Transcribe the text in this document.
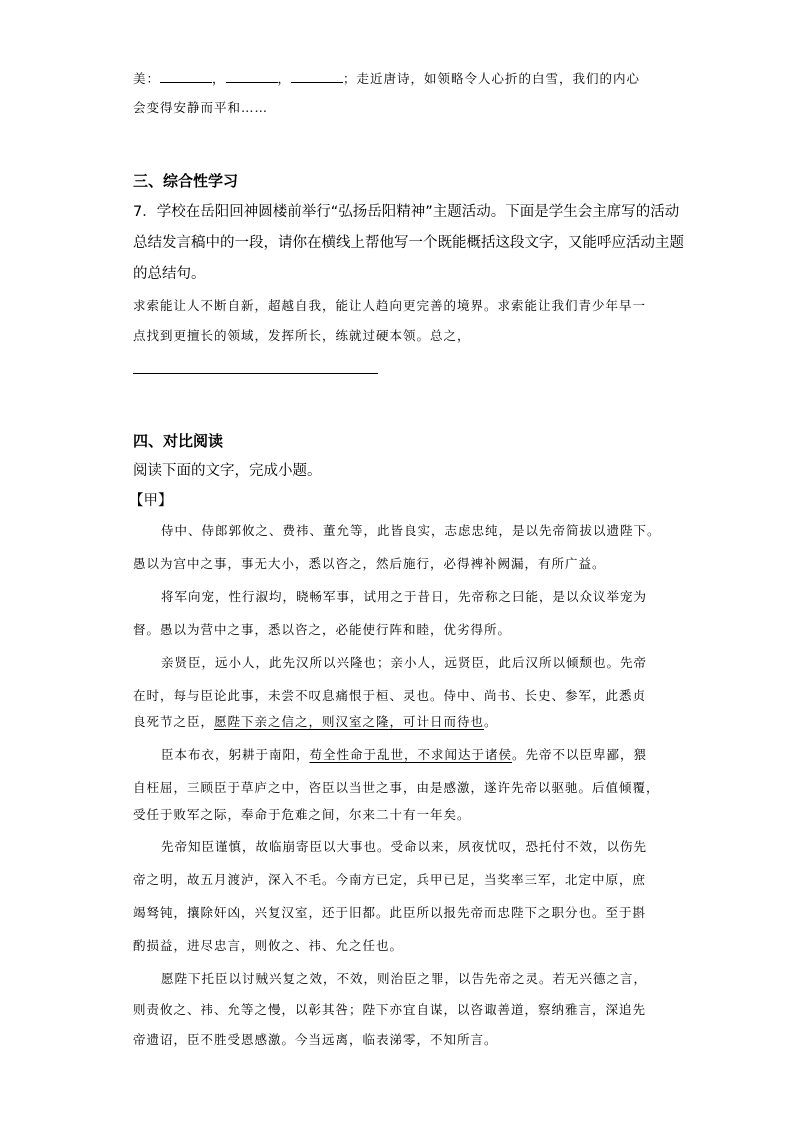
美：	，	，	；走近唐诗，如领略令人心折的白雪，我们的内心
会变得安静而平和……
三、综合性学习
7．学校在岳阳回神圆楼前举行“弘扬岳阳精神”主题活动。下面是学生会主席写的活动
总结发言稿中的一段，请你在横线上帮他写一个既能概括这段文字，又能呼应活动主题
的总结句。
求索能让人不断自新，超越自我，能让人趋向更完善的境界。求索能让我们青少年早一
点找到更擅长的领域，发挥所长，练就过硬本领。总之，
四、对比阅读
阅读下面的文字，完成小题。
【甲】
侍中、侍郎郭攸之、费祎、董允等，此皆良实，志虑忠纯，是以先帝简拔以遗陛下。
愚以为宫中之事，事无大小，悉以咨之，然后施行，必得裨补阙漏，有所广益。
将军向宠，性行淑均，晓畅军事，试用之于昔日，先帝称之曰能，是以众议举宠为
督。愚以为营中之事，悉以咨之，必能使行阵和睦，优劣得所。
亲贤臣，远小人，此先汉所以兴隆也；亲小人，远贤臣，此后汉所以倾颓也。先帝
在时，每与臣论此事，未尝不叹息痛恨于桓、灵也。侍中、尚书、长史、参军，此悉贞
良死节之臣，愿陛下亲之信之，则汉室之隆，可计日而待也。
臣本布衣，躬耕于南阳，苟全性命于乱世，不求闻达于诸侯。先帝不以臣卑鄙，猥
自枉屈，三顾臣于草庐之中，咨臣以当世之事，由是感激，遂许先帝以驱驰。后值倾覆，
受任于败军之际，奉命于危难之间，尔来二十有一年矣。
先帝知臣谨慎，故临崩寄臣以大事也。受命以来，夙夜忧叹，恐托付不效，以伤先
帝之明，故五月渡泸，深入不毛。今南方已定，兵甲已足，当奖率三军，北定中原，庶
竭驽钝，攘除奸凶，兴复汉室，还于旧都。此臣所以报先帝而忠陛下之职分也。至于斟
酌损益，进尽忠言，则攸之、祎、允之任也。
愿陛下托臣以讨贼兴复之效，不效，则治臣之罪，以告先帝之灵。若无兴德之言，
则责攸之、祎、允等之慢，以彰其咎；陛下亦宜自谋，以咨诹善道，察纳雅言，深追先
帝遗诏，臣不胜受恩感激。今当远离，临表涕零，不知所言。
